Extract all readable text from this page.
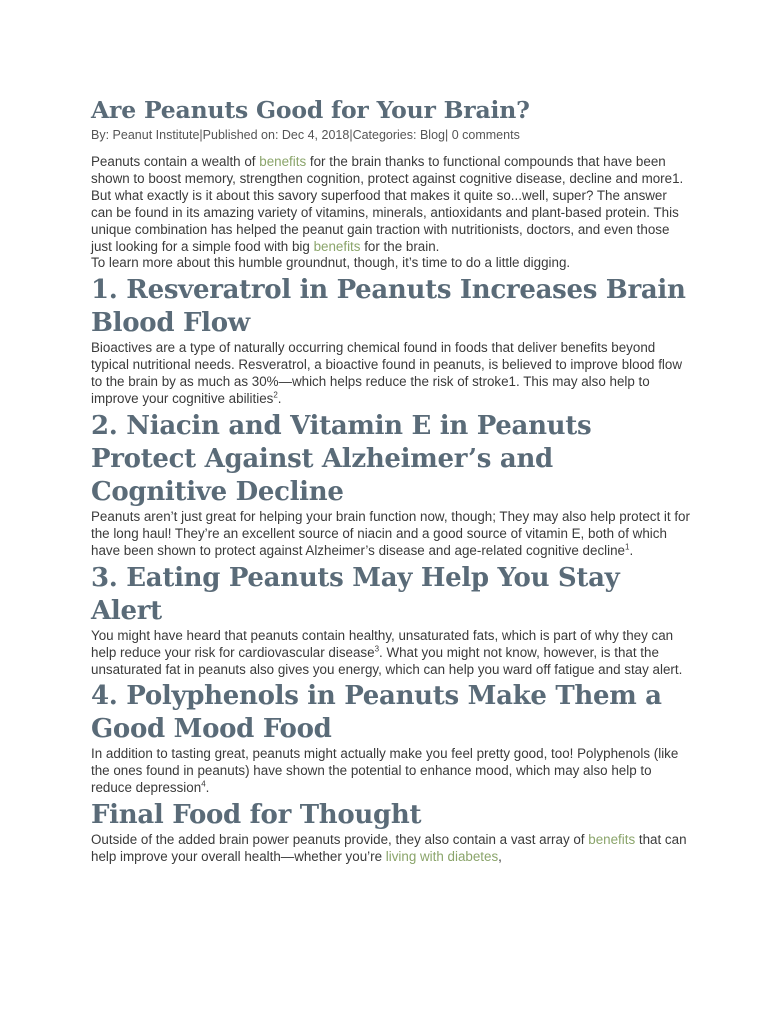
Are Peanuts Good for Your Brain?
By: Peanut Institute|Published on: Dec 4, 2018|Categories: Blog| 0 comments

Peanuts contain a wealth of benefits for the brain thanks to functional compounds that have been shown to boost memory, strengthen cognition, protect against cognitive disease, decline and more1. But what exactly is it about this savory superfood that makes it quite so...well, super? The answer can be found in its amazing variety of vitamins, minerals, antioxidants and plant-based protein. This unique combination has helped the peanut gain traction with nutritionists, doctors, and even those just looking for a simple food with big benefits for the brain.

To learn more about this humble groundnut, though, it’s time to do a little digging.

1. Resveratrol in Peanuts Increases Brain Blood Flow

Bioactives are a type of naturally occurring chemical found in foods that deliver benefits beyond typical nutritional needs. Resveratrol, a bioactive found in peanuts, is believed to improve blood flow to the brain by as much as 30%—which helps reduce the risk of stroke1. This may also help to improve your cognitive abilities$^2$.

2. Niacin and Vitamin E in Peanuts Protect Against Alzheimer’s and Cognitive Decline

Peanuts aren’t just great for helping your brain function now, though; They may also help protect it for the long haul! They’re an excellent source of niacin and a good source of vitamin E, both of which have been shown to protect against Alzheimer’s disease and age-related cognitive decline$^1$.

3. Eating Peanuts May Help You Stay Alert

You might have heard that peanuts contain healthy, unsaturated fats, which is part of why they can help reduce your risk for cardiovascular disease$^3$. What you might not know, however, is that the unsaturated fat in peanuts also gives you energy, which can help you ward off fatigue and stay alert.

4. Polyphenols in Peanuts Make Them a Good Mood Food

In addition to tasting great, peanuts might actually make you feel pretty good, too! Polyphenols (like the ones found in peanuts) have shown the potential to enhance mood, which may also help to reduce depression$^4$.

Final Food for Thought

Outside of the added brain power peanuts provide, they also contain a vast array of benefits that can help improve your overall health—whether you’re living with diabetes,
